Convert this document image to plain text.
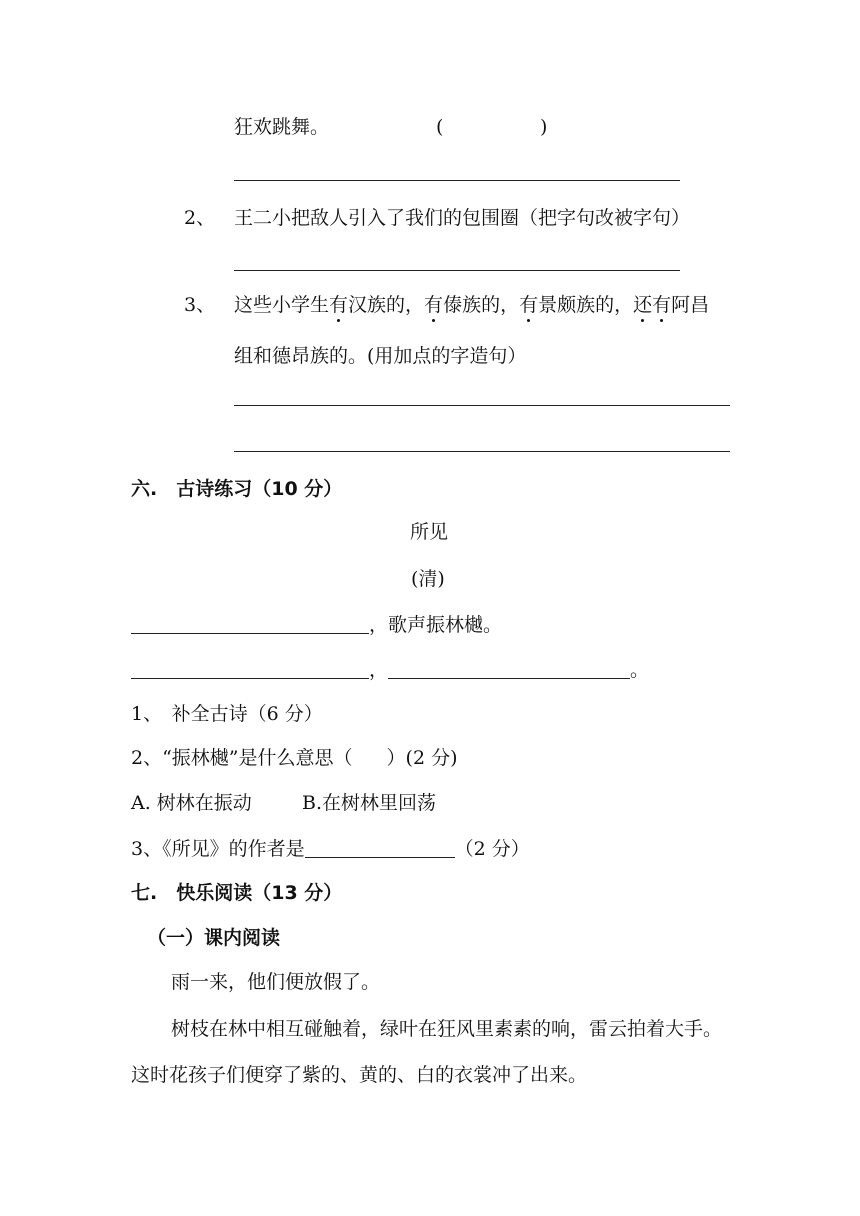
狂欢跳舞。	(                )
2、 王二小把敌人引入了我们的包围圈（把字句改被字句）
3、 这些小学生有汉族的，有傣族的，有景颇族的，还有阿昌
组和德昂族的。(用加点的字造句）
六.　古诗练习（10 分）
所见
(清)
，歌声振林樾。
，	。
1、　补全古诗（6 分）
2、“振林樾”是什么意思（ ）(2 分)
A. 树林在振动	B.在树林里回荡
3、《所见》的作者是	（2 分）
七.　快乐阅读（13 分）
（一）课内阅读
雨一来，他们便放假了。
树枝在林中相互碰触着，绿叶在狂风里素素的响，雷云拍着大手。
这时花孩子们便穿了紫的、黄的、白的衣裳冲了出来。
